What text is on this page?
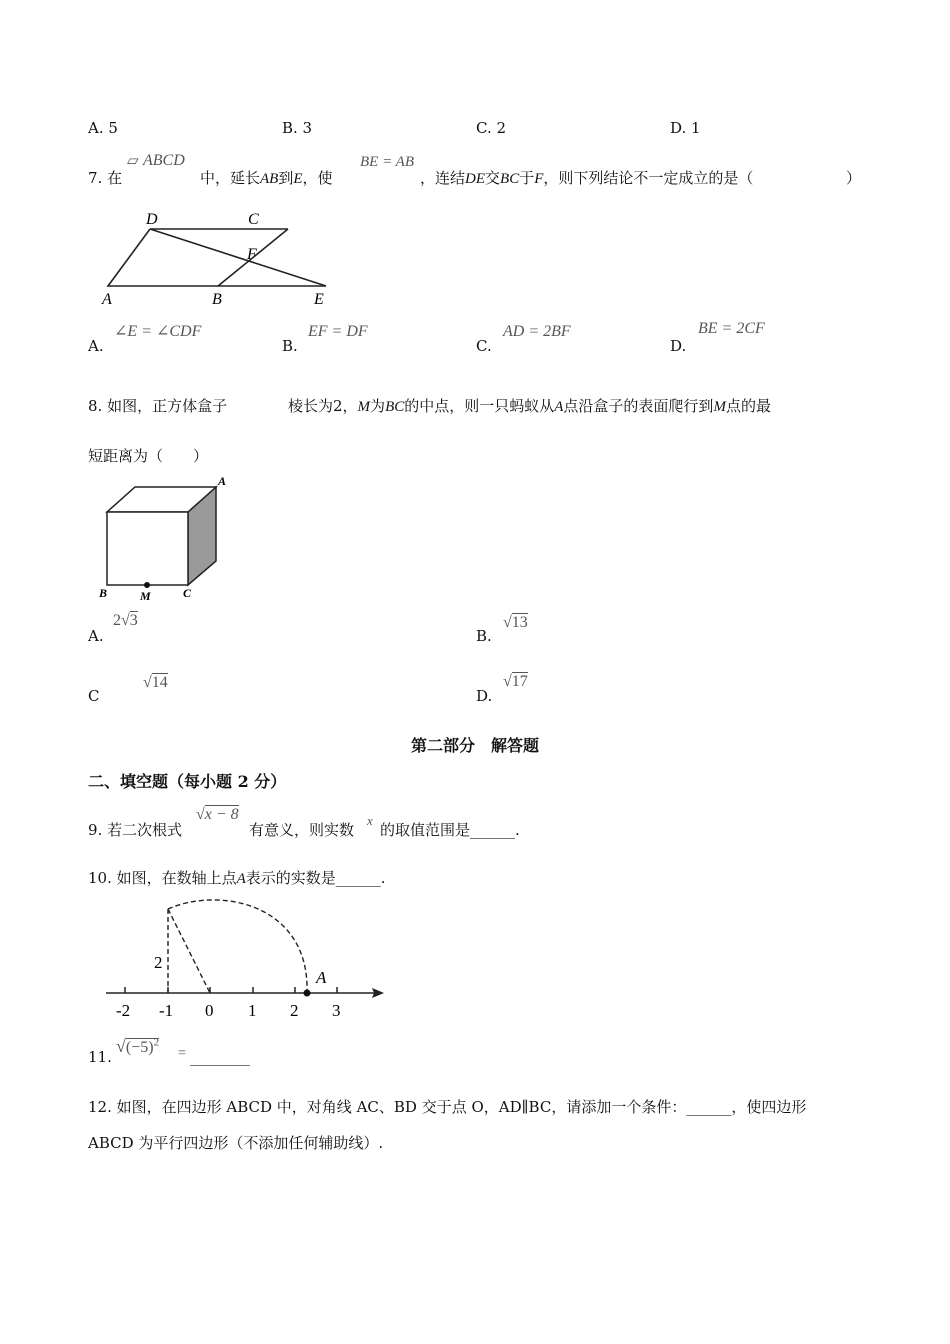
A. 5	B. 3	C. 2	D. 1
7. 在
▱ ABCD
中，延长AB到E，使
BE = AB
，连结DE交BC于F，则下列结论不一定成立的是（	）
D	C
F
A	B	E
A.
∠E = ∠CDF
B.
EF = DF
C.
AD = 2BF
D.
BE = 2CF
8. 如图，正方体盒子	棱长为2，M为BC的中点，则一只蚂蚁从A点沿盒子的表面爬行到M点的最
短距离为（　　）
A
B	M	C
A.
2√3
B.
√13
C
√14
D.
√17
第二部分　解答题
二、填空题（每小题 2 分）
9. 若二次根式
√x − 8
有意义，则实数
x
的取值范围是______.
10. 如图，在数轴上点A表示的实数是______.
A
2
-2 -1 0 1 2 3
11.
$√(-5)^2$
= ________
12. 如图，在四边形 ABCD 中，对角线 AC、BD 交于点 O，AD∥BC，请添加一个条件：______，使四边形
ABCD 为平行四边形（不添加任何辅助线）.
